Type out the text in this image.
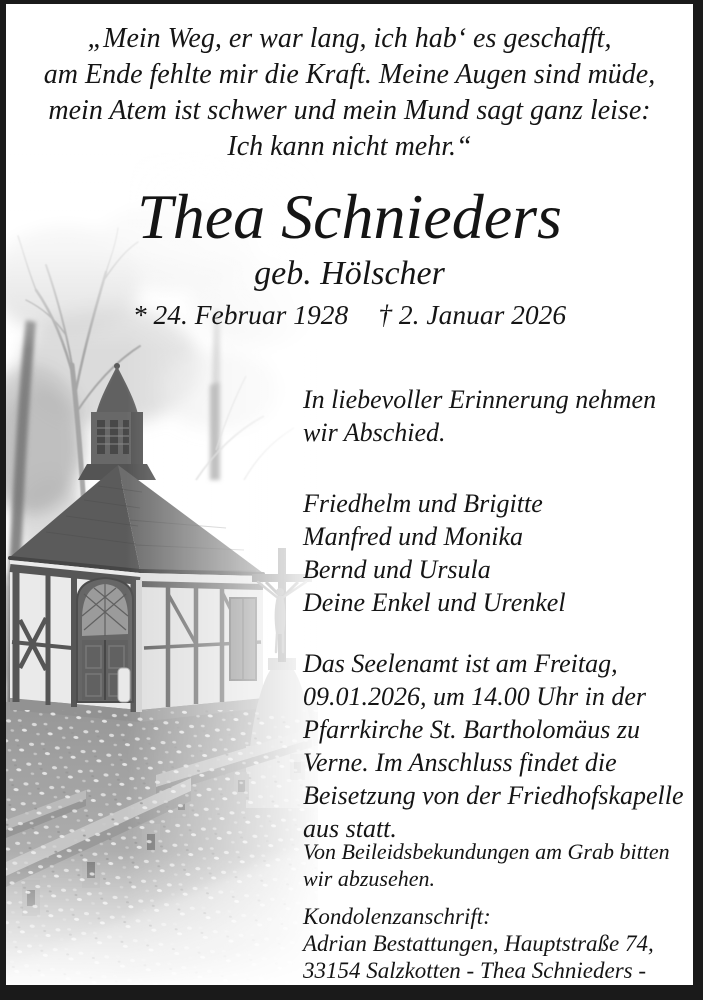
„Mein Weg, er war lang, ich hab‘ es geschafft,
am Ende fehlte mir die Kraft. Meine Augen sind müde,
mein Atem ist schwer und mein Mund sagt ganz leise:
Ich kann nicht mehr.“
Thea Schnieders
geb. Hölscher
* 24. Februar 1928 † 2. Januar 2026
In liebevoller Erinnerung nehmen
wir Abschied.
Friedhelm und Brigitte
Manfred und Monika
Bernd und Ursula
Deine Enkel und Urenkel
Das Seelenamt ist am Freitag,
09.01.2026, um 14.00 Uhr in der
Pfarrkirche St. Bartholomäus zu
Verne. Im Anschluss findet die
Beisetzung von der Friedhofskapelle
aus statt.
Von Beileidsbekundungen am Grab bitten
wir abzusehen.
Kondolenzanschrift:
Adrian Bestattungen, Hauptstraße 74,
33154 Salzkotten - Thea Schnieders -
